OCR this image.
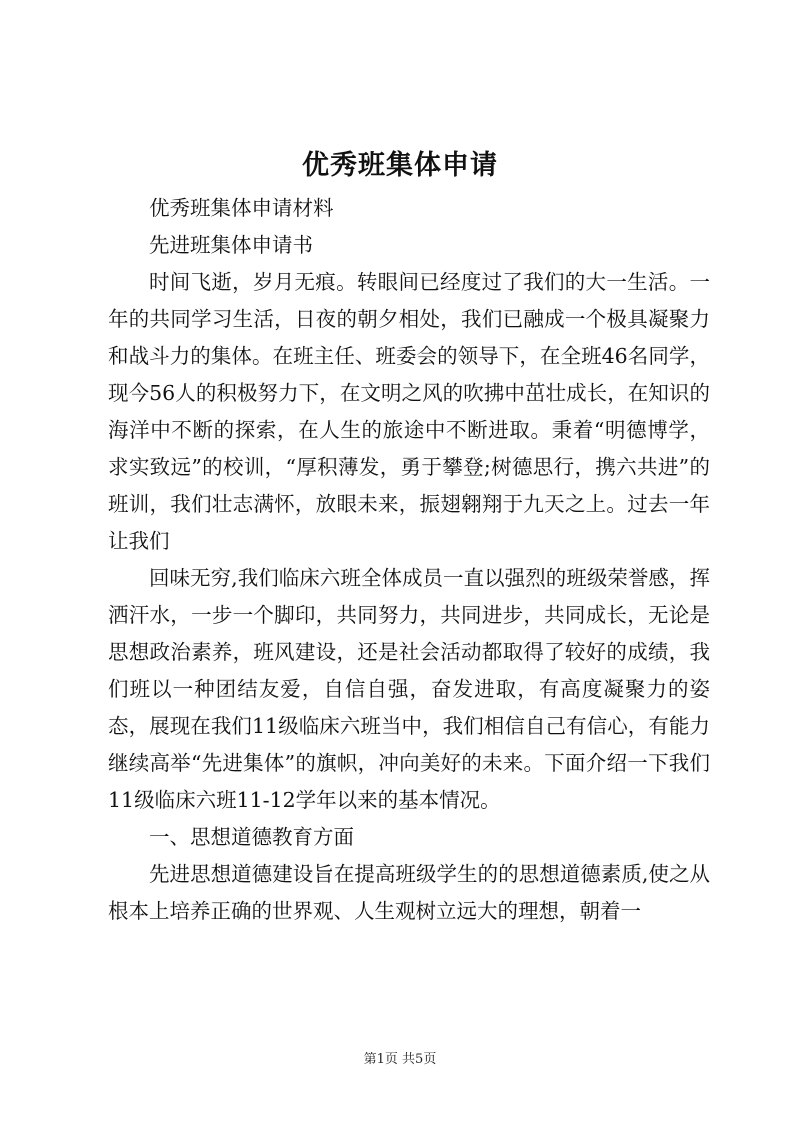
优秀班集体申请

优秀班集体申请材料

先进班集体申请书

时间飞逝，岁月无痕。转眼间已经度过了我们的大一生活。一年的共同学习生活，日夜的朝夕相处，我们已融成一个极具凝聚力和战斗力的集体。在班主任、班委会的领导下，在全班46名同学，现今56人的积极努力下，在文明之风的吹拂中茁壮成长，在知识的海洋中不断的探索，在人生的旅途中不断进取。秉着“明德博学，求实致远”的校训，“厚积薄发，勇于攀登;树德思行，携六共进”的班训，我们壮志满怀，放眼未来，振翅翱翔于九天之上。过去一年让我们

回味无穷,我们临床六班全体成员一直以强烈的班级荣誉感，挥洒汗水，一步一个脚印，共同努力，共同进步，共同成长，无论是思想政治素养，班风建设，还是社会活动都取得了较好的成绩，我们班以一种团结友爱，自信自强，奋发进取，有高度凝聚力的姿态，展现在我们11级临床六班当中，我们相信自己有信心，有能力继续高举“先进集体”的旗帜，冲向美好的未来。下面介绍一下我们11级临床六班11-12学年以来的基本情况。

一、思想道德教育方面

先进思想道德建设旨在提高班级学生的的思想道德素质,使之从根本上培养正确的世界观、人生观树立远大的理想，朝着一

第1页 共5页
